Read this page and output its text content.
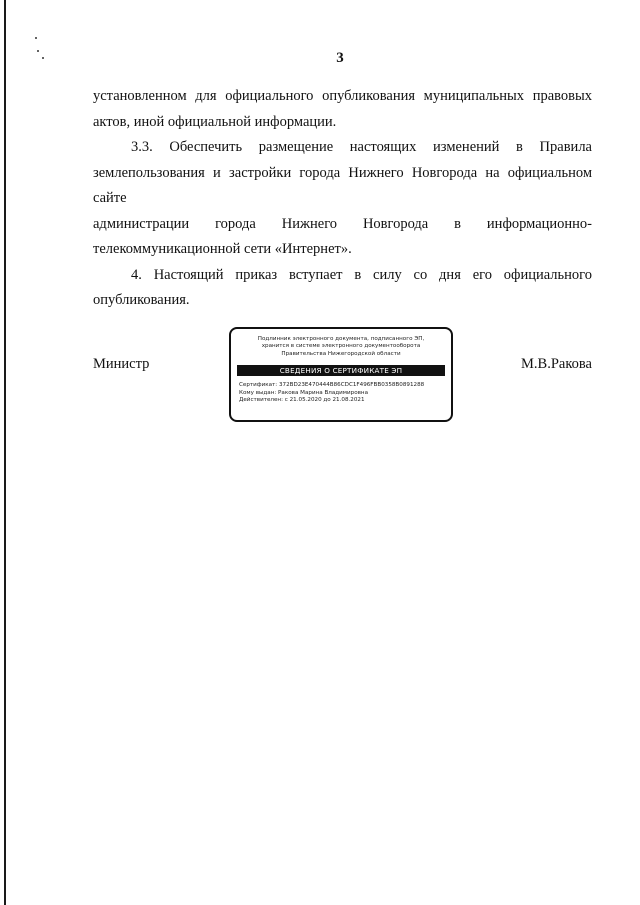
3

установленном для официального опубликования муниципальных правовых

актов, иной официальной информации.

3.3. Обеспечить размещение настоящих изменений в Правила

землепользования и застройки города Нижнего Новгорода на официальном сайте

администрации города Нижнего Новгорода в информационно-

телекоммуникационной сети «Интернет».

4. Настоящий приказ вступает в силу со дня его официального

опубликования.

Министр	М.В.Ракова
Подлинник электронного документа, подписанного ЭП,
хранится в системе электронного документооборота
Правительства Нижегородской области
СВЕДЕНИЯ О СЕРТИФИКАТЕ ЭП
Сертификат: 372BD23E470444B86CDC1F496FBB0358B0891288
Кому выдан: Ракова Марина Владимировна
Действителен: с 21.05.2020 до 21.08.2021
